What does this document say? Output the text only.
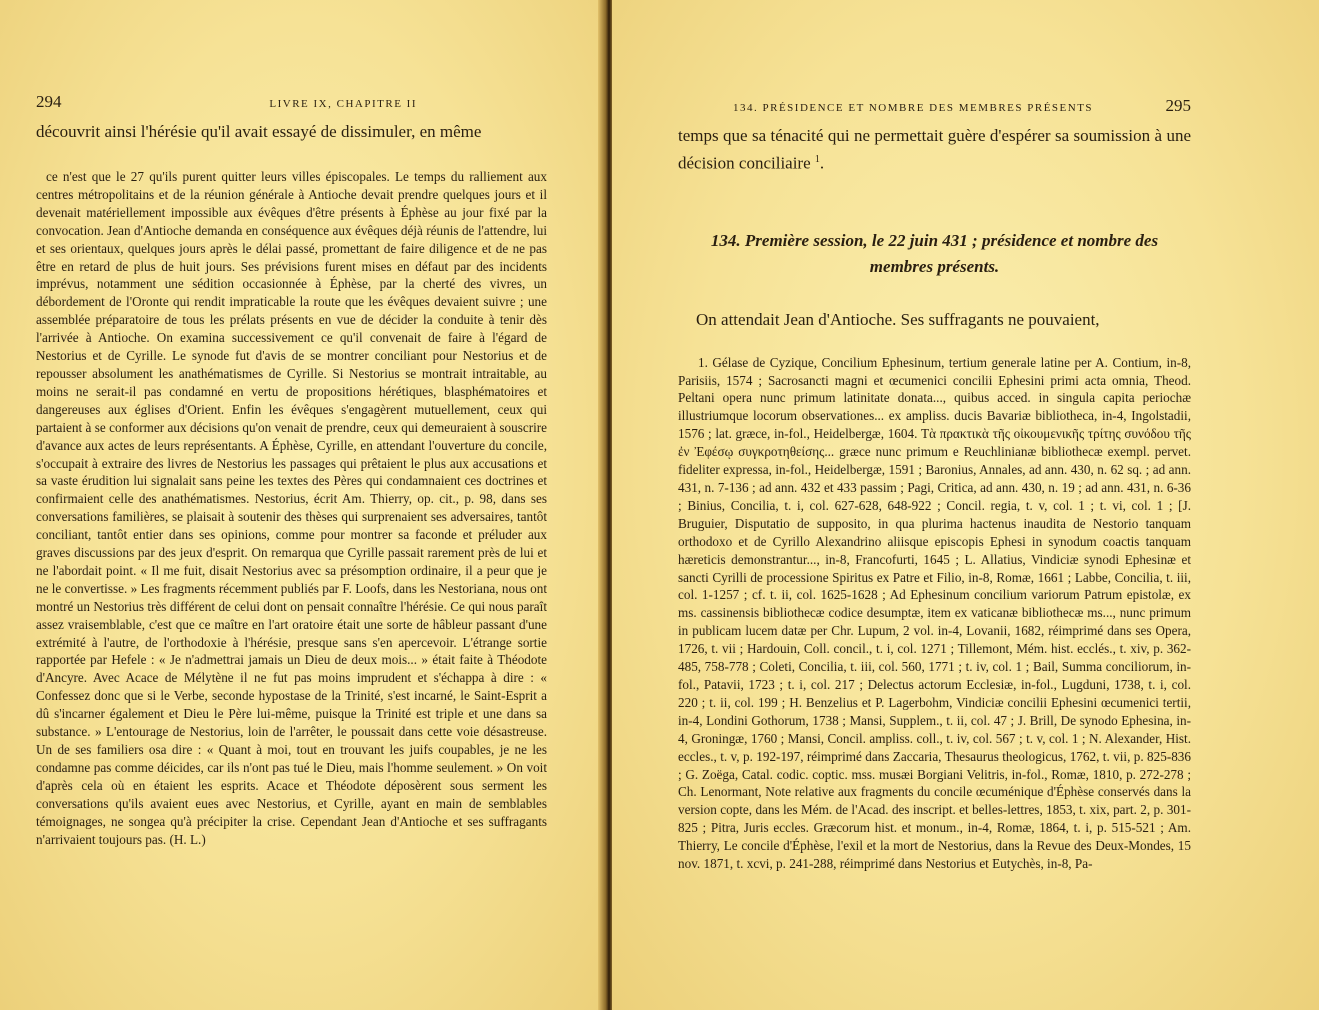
294	LIVRE IX, CHAPITRE II

découvrit ainsi l'hérésie qu'il avait essayé de dissimuler, en même

ce n'est que le 27 qu'ils purent quitter leurs villes épiscopales. Le temps du ralliement aux centres métropolitains et de la réunion générale à Antioche devait prendre quelques jours et il devenait matériellement impossible aux évêques d'être présents à Éphèse au jour fixé par la convocation. Jean d'Antioche demanda en conséquence aux évêques déjà réunis de l'attendre, lui et ses orientaux, quelques jours après le délai passé, promettant de faire diligence et de ne pas être en retard de plus de huit jours. Ses prévisions furent mises en défaut par des incidents imprévus, notamment une sédition occasionnée à Éphèse, par la cherté des vivres, un débordement de l'Oronte qui rendit impraticable la route que les évêques devaient suivre ; une assemblée préparatoire de tous les prélats présents en vue de décider la conduite à tenir dès l'arrivée à Antioche. On examina successivement ce qu'il convenait de faire à l'égard de Nestorius et de Cyrille. Le synode fut d'avis de se montrer conciliant pour Nestorius et de repousser absolument les anathématismes de Cyrille. Si Nestorius se montrait intraitable, au moins ne serait-il pas condamné en vertu de propositions hérétiques, blasphématoires et dangereuses aux églises d'Orient. Enfin les évêques s'engagèrent mutuellement, ceux qui partaient à se conformer aux décisions qu'on venait de prendre, ceux qui demeuraient à souscrire d'avance aux actes de leurs représentants. A Éphèse, Cyrille, en attendant l'ouverture du concile, s'occupait à extraire des livres de Nestorius les passages qui prêtaient le plus aux accusations et sa vaste érudition lui signalait sans peine les textes des Pères qui condamnaient ces doctrines et confirmaient celle des anathématismes. Nestorius, écrit Am. Thierry, op. cit., p. 98, dans ses conversations familières, se plaisait à soutenir des thèses qui surprenaient ses adversaires, tantôt conciliant, tantôt entier dans ses opinions, comme pour montrer sa faconde et préluder aux graves discussions par des jeux d'esprit. On remarqua que Cyrille passait rarement près de lui et ne l'abordait point. « Il me fuit, disait Nestorius avec sa présomption ordinaire, il a peur que je ne le convertisse. » Les fragments récemment publiés par F. Loofs, dans les Nestoriana, nous ont montré un Nestorius très différent de celui dont on pensait connaître l'hérésie. Ce qui nous paraît assez vraisemblable, c'est que ce maître en l'art oratoire était une sorte de hâbleur passant d'une extrémité à l'autre, de l'orthodoxie à l'hérésie, presque sans s'en apercevoir. L'étrange sortie rapportée par Hefele : « Je n'admettrai jamais un Dieu de deux mois... » était faite à Théodote d'Ancyre. Avec Acace de Mélytène il ne fut pas moins imprudent et s'échappa à dire : « Confessez donc que si le Verbe, seconde hypostase de la Trinité, s'est incarné, le Saint-Esprit a dû s'incarner également et Dieu le Père lui-même, puisque la Trinité est triple et une dans sa substance. » L'entourage de Nestorius, loin de l'arrêter, le poussait dans cette voie désastreuse. Un de ses familiers osa dire : « Quant à moi, tout en trouvant les juifs coupables, je ne les condamne pas comme déicides, car ils n'ont pas tué le Dieu, mais l'homme seulement. » On voit d'après cela où en étaient les esprits. Acace et Théodote déposèrent sous serment les conversations qu'ils avaient eues avec Nestorius, et Cyrille, ayant en main de semblables témoignages, ne songea qu'à précipiter la crise. Cependant Jean d'Antioche et ses suffragants n'arrivaient toujours pas. (H. L.)

134. PRÉSIDENCE ET NOMBRE DES MEMBRES PRÉSENTS	295

temps que sa ténacité qui ne permettait guère d'espérer sa soumission à une décision conciliaire $^1$.

134. Première session, le 22 juin 431 ; présidence et nombre des membres présents.

On attendait Jean d'Antioche. Ses suffragants ne pouvaient,

1. Gélase de Cyzique, Concilium Ephesinum, tertium generale latine per A. Contium, in-8, Parisiis, 1574 ; Sacrosancti magni et œcumenici concilii Ephesini primi acta omnia, Theod. Peltani opera nunc primum latinitate donata..., quibus acced. in singula capita periochæ illustriumque locorum observationes... ex ampliss. ducis Bavariæ bibliotheca, in-4, Ingolstadii, 1576 ; lat. græce, in-fol., Heidelbergæ, 1604. Τὰ πρακτικὰ τῆς οἰκουμενικῆς τρίτης συνόδου τῆς ἐν Ἐφέσῳ συγκροτηθείσης... græce nunc primum e Reuchlinianæ bibliothecæ exempl. pervet. fideliter expressa, in-fol., Heidelbergæ, 1591 ; Baronius, Annales, ad ann. 430, n. 62 sq. ; ad ann. 431, n. 7-136 ; ad ann. 432 et 433 passim ; Pagi, Critica, ad ann. 430, n. 19 ; ad ann. 431, n. 6-36 ; Binius, Concilia, t. i, col. 627-628, 648-922 ; Concil. regia, t. v, col. 1 ; t. vi, col. 1 ; [J. Bruguier, Disputatio de supposito, in qua plurima hactenus inaudita de Nestorio tanquam orthodoxo et de Cyrillo Alexandrino aliisque episcopis Ephesi in synodum coactis tanquam hæreticis demonstrantur..., in-8, Francofurti, 1645 ; L. Allatius, Vindiciæ synodi Ephesinæ et sancti Cyrilli de processione Spiritus ex Patre et Filio, in-8, Romæ, 1661 ; Labbe, Concilia, t. iii, col. 1-1257 ; cf. t. ii, col. 1625-1628 ; Ad Ephesinum concilium variorum Patrum epistolæ, ex ms. cassinensis bibliothecæ codice desumptæ, item ex vaticanæ bibliothecæ ms..., nunc primum in publicam lucem datæ per Chr. Lupum, 2 vol. in-4, Lovanii, 1682, réimprimé dans ses Opera, 1726, t. vii ; Hardouin, Coll. concil., t. i, col. 1271 ; Tillemont, Mém. hist. ecclés., t. xiv, p. 362-485, 758-778 ; Coleti, Concilia, t. iii, col. 560, 1771 ; t. iv, col. 1 ; Bail, Summa conciliorum, in-fol., Patavii, 1723 ; t. i, col. 217 ; Delectus actorum Ecclesiæ, in-fol., Lugduni, 1738, t. i, col. 220 ; t. ii, col. 199 ; H. Benzelius et P. Lagerbohm, Vindiciæ concilii Ephesini œcumenici tertii, in-4, Londini Gothorum, 1738 ; Mansi, Supplem., t. ii, col. 47 ; J. Brill, De synodo Ephesina, in-4, Groningæ, 1760 ; Mansi, Concil. ampliss. coll., t. iv, col. 567 ; t. v, col. 1 ; N. Alexander, Hist. eccles., t. v, p. 192-197, réimprimé dans Zaccaria, Thesaurus theologicus, 1762, t. vii, p. 825-836 ; G. Zoëga, Catal. codic. coptic. mss. musæi Borgiani Velitris, in-fol., Romæ, 1810, p. 272-278 ; Ch. Lenormant, Note relative aux fragments du concile œcuménique d'Éphèse conservés dans la version copte, dans les Mém. de l'Acad. des inscript. et belles-lettres, 1853, t. xix, part. 2, p. 301-825 ; Pitra, Juris eccles. Græcorum hist. et monum., in-4, Romæ, 1864, t. i, p. 515-521 ; Am. Thierry, Le concile d'Éphèse, l'exil et la mort de Nestorius, dans la Revue des Deux-Mondes, 15 nov. 1871, t. xcvi, p. 241-288, réimprimé dans Nestorius et Eutychès, in-8, Pa-
